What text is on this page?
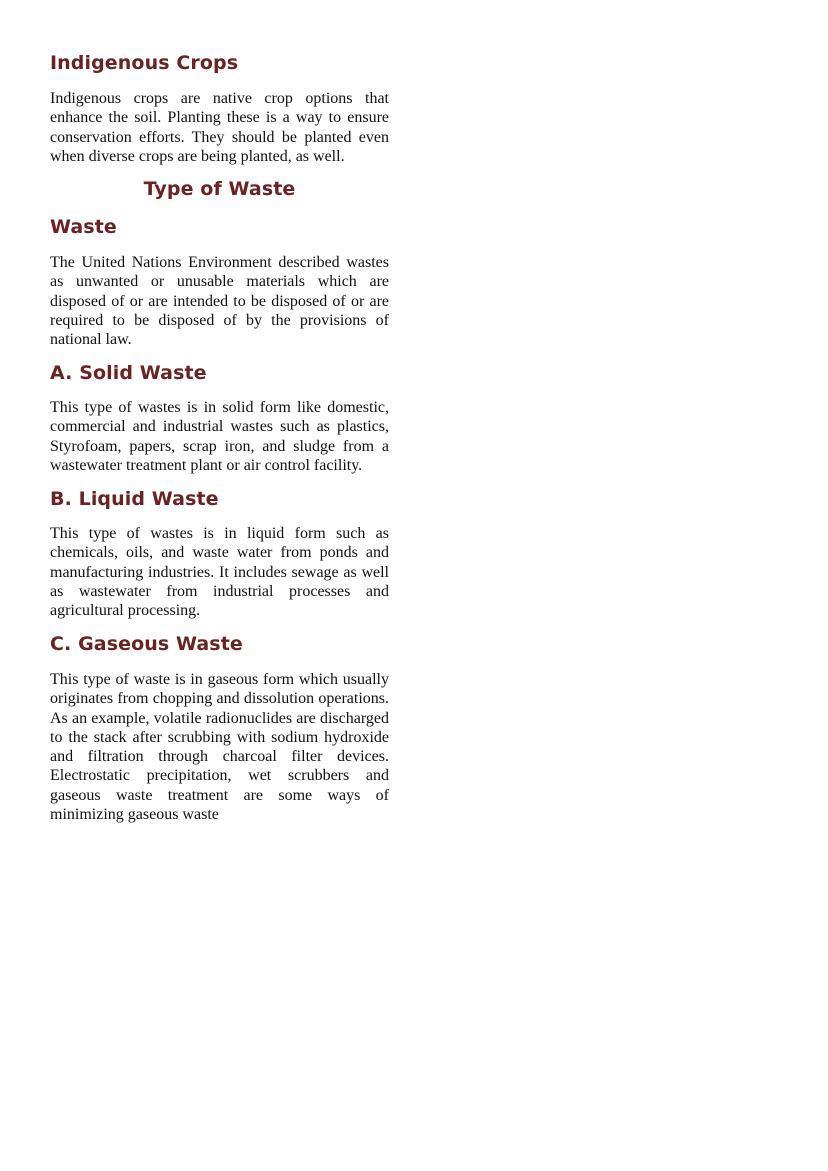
Indigenous Crops

Indigenous crops are native crop options that enhance the soil. Planting these is a way to ensure conservation efforts. They should be planted even when diverse crops are being planted, as well.

Type of Waste
Waste

The United Nations Environment described wastes as unwanted or unusable materials which are disposed of or are intended to be disposed of or are required to be disposed of by the provisions of national law.

A. Solid Waste

This type of wastes is in solid form like domestic, commercial and industrial wastes such as plastics, Styrofoam, papers, scrap iron, and sludge from a wastewater treatment plant or air control facility.

B. Liquid Waste

This type of wastes is in liquid form such as chemicals, oils, and waste water from ponds and manufacturing industries. It includes sewage as well as wastewater from industrial processes and agricultural processing.

C. Gaseous Waste

This type of waste is in gaseous form which usually originates from chopping and dissolution operations. As an example, volatile radionuclides are discharged to the stack after scrubbing with sodium hydroxide and filtration through charcoal filter devices. Electrostatic precipitation, wet scrubbers and gaseous waste treatment are some ways of minimizing gaseous waste
